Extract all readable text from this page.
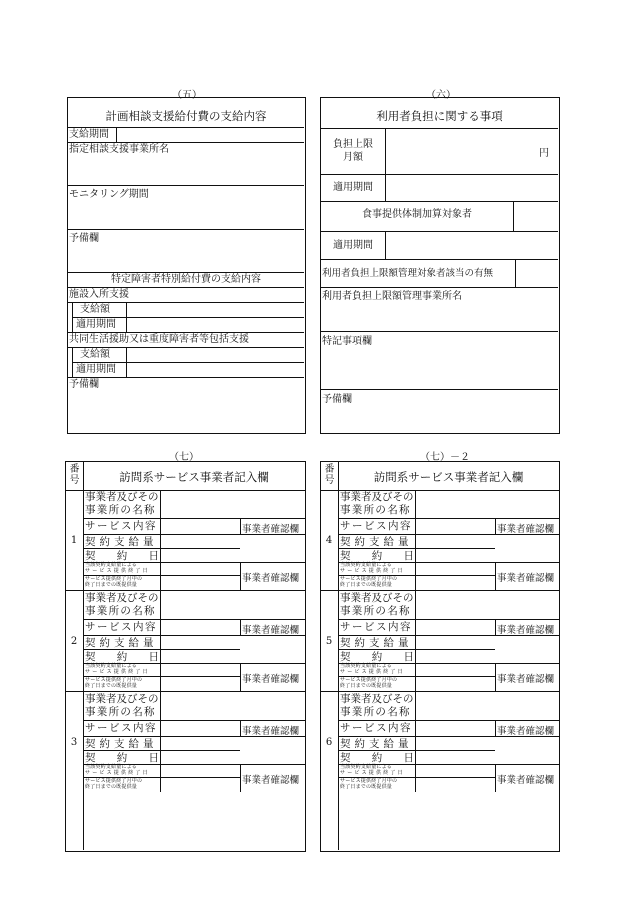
（五）
計画相談支援給付費の支給内容
支給期間
指定相談支援事業所名
モニタリング期間
予備欄
特定障害者特別給付費の支給内容
施設入所支援
支給額
適用期間
共同生活援助又は重度障害者等包括支援
支給額
適用期間
予備欄
（六）
利用者負担に関する事項
負担上限
月額	円
適用期間
食事提供体制加算対象者
適用期間
利用者負担上限額管理対象者該当の有無
利用者負担上限額管理事業所名
特記事項欄
予備欄
（七）	（七）－２
番
号	訪問系サービス事業者記入欄
1
事業者及びその
事業所の名称
サービス内容	事業者確認欄
契約支給量
契 約 日
当該契約支給量による
サービス提供終了日
事業者確認欄
サービス提供終了月中の
終了日までの既提供量
2
事業者及びその
事業所の名称
サービス内容	事業者確認欄
契約支給量
契 約 日
当該契約支給量による
サービス提供終了日
事業者確認欄
サービス提供終了月中の
終了日までの既提供量
3
事業者及びその
事業所の名称
サービス内容	事業者確認欄
契約支給量
契 約 日
当該契約支給量による
サービス提供終了日
事業者確認欄
サービス提供終了月中の
終了日までの既提供量
番
号	訪問系サービス事業者記入欄
4
事業者及びその
事業所の名称
サービス内容	事業者確認欄
契約支給量
契 約 日
当該契約支給量による
サービス提供終了日
事業者確認欄
サービス提供終了月中の
終了日までの既提供量
5
事業者及びその
事業所の名称
サービス内容	事業者確認欄
契約支給量
契 約 日
当該契約支給量による
サービス提供終了日
事業者確認欄
サービス提供終了月中の
終了日までの既提供量
6
事業者及びその
事業所の名称
サービス内容	事業者確認欄
契約支給量
契 約 日
当該契約支給量による
サービス提供終了日
事業者確認欄
サービス提供終了月中の
終了日までの既提供量
